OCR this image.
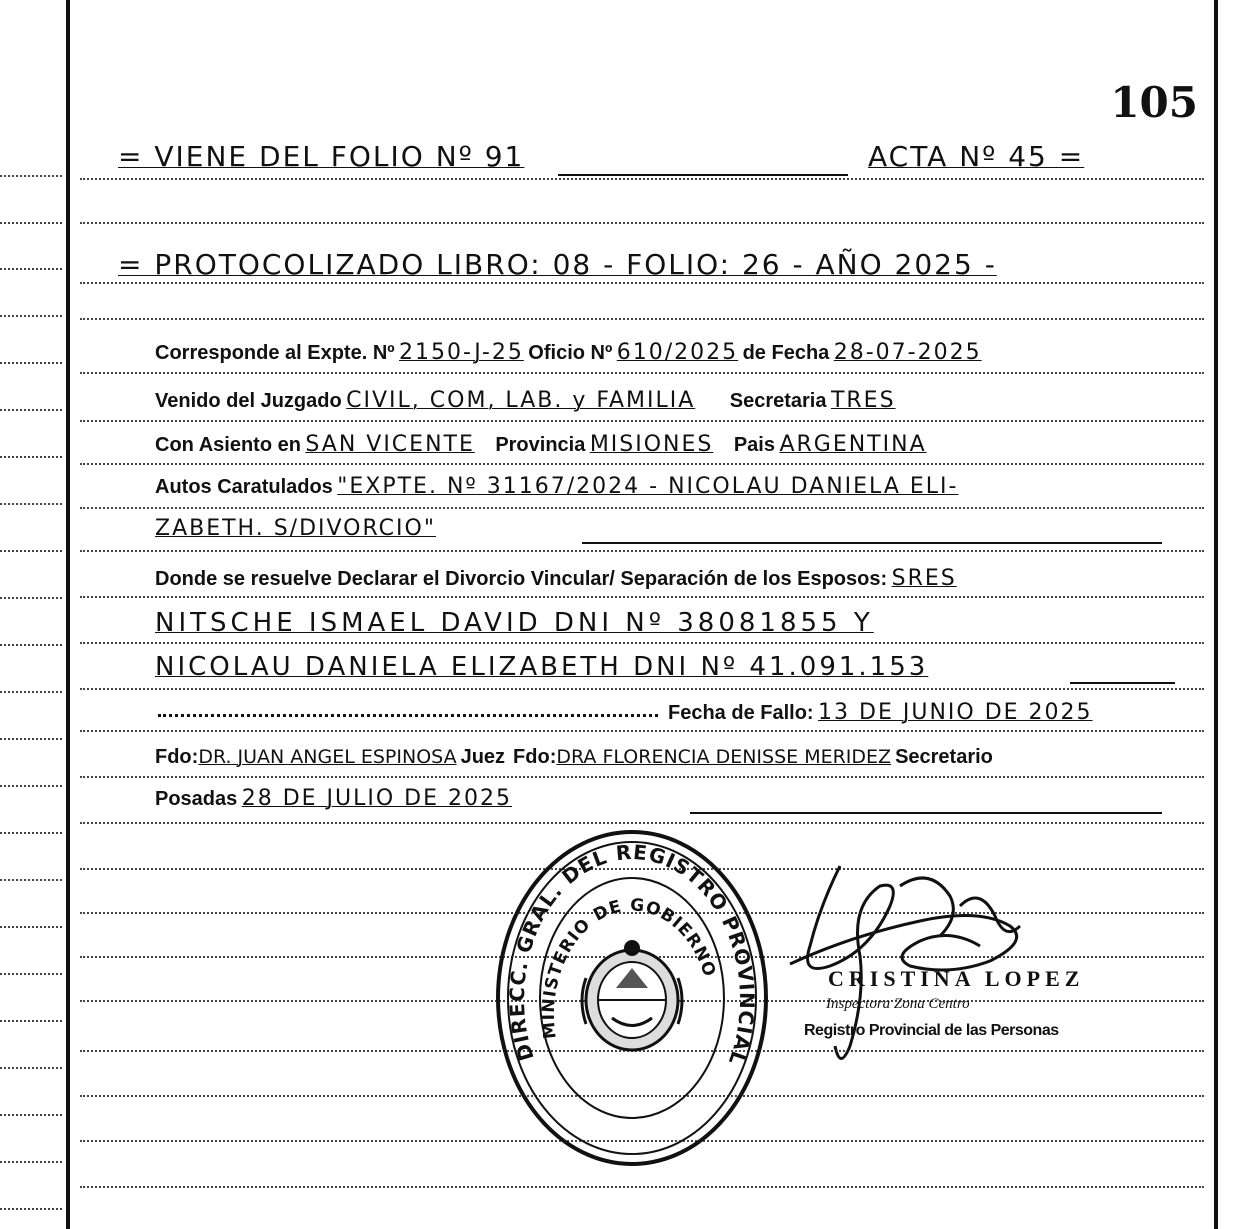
105
= VIENE DEL FOLIO Nº 91	ACTA Nº 45 =
= PROTOCOLIZADO LIBRO: 08 - FOLIO: 26 - AÑO 2025 -
Corresponde al Expte. Nº 2150-J-25 Oficio Nº 610/2025 de Fecha 28-07-2025
Venido del Juzgado CIVIL, COM, LAB. y FAMILIA Secretaria TRES
Con Asiento en SAN VICENTE Provincia MISIONES Pais ARGENTINA
Autos Caratulados "EXPTE. Nº 31167/2024 - NICOLAU DANIELA ELI-
ZABETH. S/DIVORCIO"
Donde se resuelve Declarar el Divorcio Vincular/ Separación de los Esposos: SRES
NITSCHE ISMAEL DAVID DNI Nº 38081855 Y
NICOLAU DANIELA ELIZABETH DNI Nº 41.091.153
Fecha de Fallo: 13 DE JUNIO DE 2025
Fdo: DR. JUAN ANGEL ESPINOSA Juez Fdo: DRA FLORENCIA DENISSE MERIDEZ Secretario
Posadas 28 DE JULIO DE 2025
DIRECC. GRAL. DEL REGISTRO PROVINCIAL
MINISTERIO DE GOBIERNO	CRISTINA LOPEZ
Inspectora Zona Centro
Registro Provincial de las Personas
